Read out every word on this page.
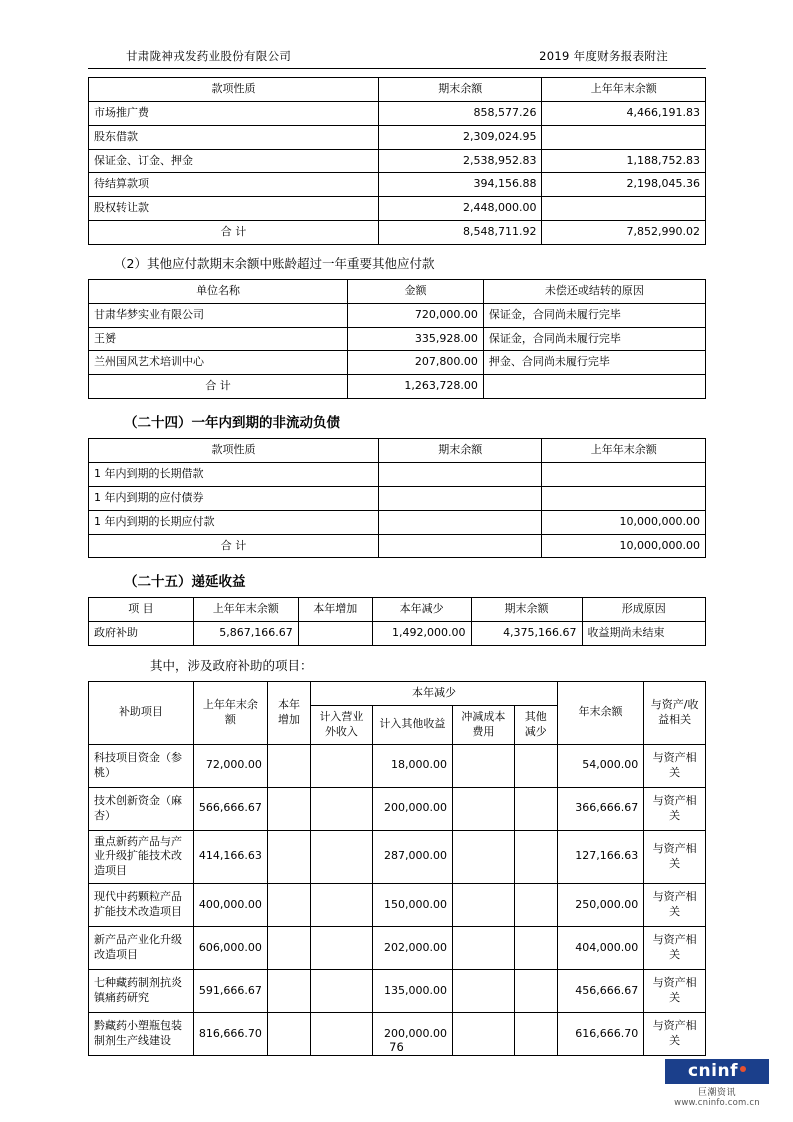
甘肃陇神戎发药业股份有限公司	2019 年度财务报表附注
款项性质	期末余额	上年年末余额
市场推广费	858,577.26	4,466,191.83
股东借款	2,309,024.95	
保证金、订金、押金	2,538,952.83	1,188,752.83
待结算款项	394,156.88	2,198,045.36
股权转让款	2,448,000.00	
合 计	8,548,711.92	7,852,990.02
（2）其他应付款期末余额中账龄超过一年重要其他应付款
单位名称	金额	未偿还或结转的原因
甘肃华梦实业有限公司	720,000.00	保证金，合同尚未履行完毕
王赟	335,928.00	保证金，合同尚未履行完毕
兰州国风艺术培训中心	207,800.00	押金、合同尚未履行完毕
合 计	1,263,728.00	
（二十四）一年内到期的非流动负债
款项性质	期末余额	上年年末余额
1 年内到期的长期借款		
1 年内到期的应付债券		
1 年内到期的长期应付款		10,000,000.00
合 计		10,000,000.00
（二十五）递延收益
项 目	上年年末余额	本年增加	本年减少	期末余额	形成原因
政府补助	5,867,166.67		1,492,000.00	4,375,166.67	收益期尚未结束
其中，涉及政府补助的项目：
补助项目	上年年末余额	本年增加	本年减少				年末余额	与资产/收益相关
			计入营业外收入	计入其他收益	冲减成本费用	其他减少		
科技项目资金（参桃）	72,000.00			18,000.00			54,000.00	与资产相关
技术创新资金（麻杏）	566,666.67			200,000.00			366,666.67	与资产相关
重点新药产品与产业升级扩能技术改造项目	414,166.63			287,000.00			127,166.63	与资产相关
现代中药颗粒产品扩能技术改造项目	400,000.00			150,000.00			250,000.00	与资产相关
新产品产业化升级改造项目	606,000.00			202,000.00			404,000.00	与资产相关
七种藏药制剂抗炎镇痛药研究	591,666.67			135,000.00			456,666.67	与资产相关
黔藏药小塑瓶包装制剂生产线建设	816,666.70			200,000.00			616,666.70	与资产相关
76
cninf
巨潮资讯
www.cninfo.com.cn
